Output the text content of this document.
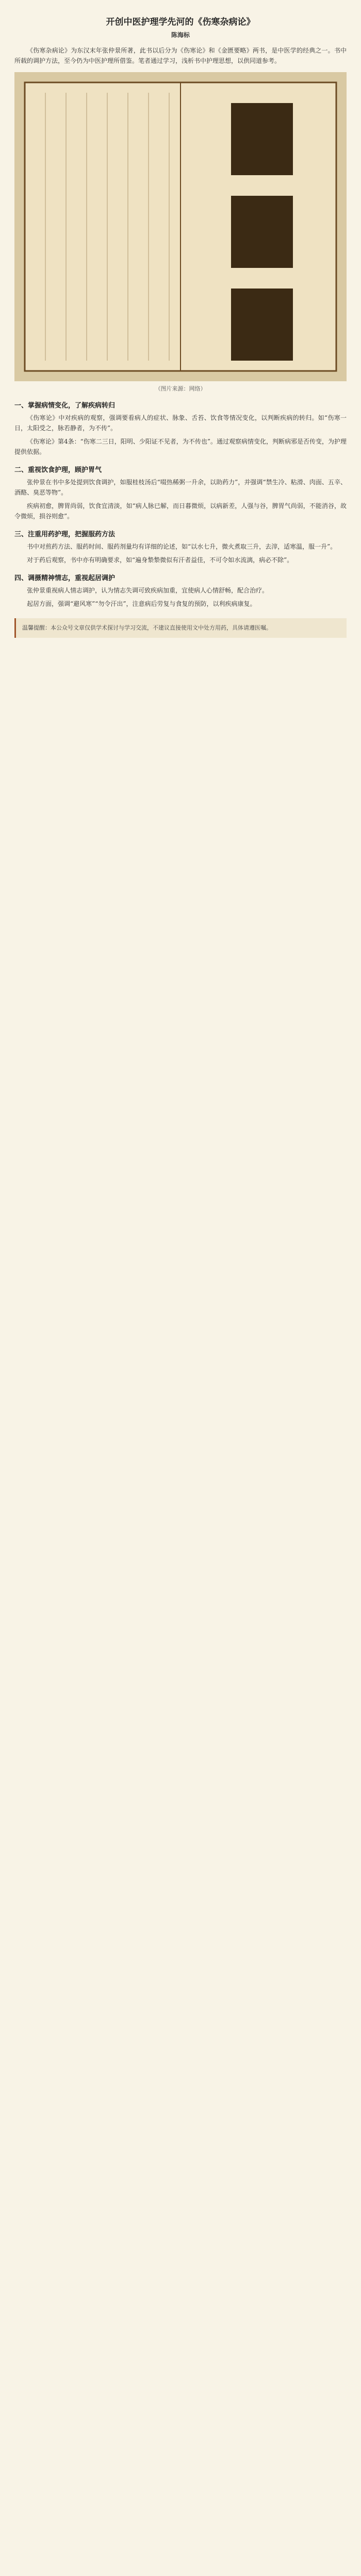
开创中医护理学先河的《伤寒杂病论》
陈海标
《伤寒杂病论》为东汉末年张仲景所著，此书以后分为《伤寒论》和《金匮要略》两书，是中医学的经典之一。书中所载的调护方法，至今仍为中医护理所借鉴。笔者通过学习，浅析书中护理思想，以供同道参考。
（图片来源：网络）
一、掌握病情变化，了解疾病转归
《伤寒论》中对疾病的观察，强调要看病人的症状、脉象、舌苔、饮食等情况变化，以判断疾病的转归。如“伤寒一日，太阳受之，脉若静者，为不传”。
《伤寒论》第4条：“伤寒二三日，阳明、少阳证不见者，为不传也”。通过观察病情变化，判断病邪是否传变，为护理提供依据。
二、重视饮食护理，顾护胃气
张仲景在书中多处提到饮食调护，如服桂枝汤后“啜热稀粥一升余，以助药力”，并强调“禁生冷、粘滑、肉面、五辛、酒酪、臭恶等物”。
疾病初愈，脾胃尚弱，饮食宜清淡，如“病人脉已解，而日暮微烦，以病新差，人强与谷，脾胃气尚弱，不能消谷，故令微烦，损谷则愈”。
三、注重用药护理，把握服药方法
书中对煎药方法、服药时间、服药剂量均有详细的论述，如“以水七升，微火煮取三升，去滓，适寒温，服一升”。
对于药后观察，书中亦有明确要求，如“遍身漐漐微似有汗者益佳，不可令如水流漓，病必不除”。
四、调摄精神情志，重视起居调护
张仲景重视病人情志调护，认为情志失调可致疾病加重，宜使病人心情舒畅，配合治疗。
起居方面，强调“避风寒”“勿令汗出”，注意病后劳复与食复的预防，以利疾病康复。
温馨提醒：本公众号文章仅供学术探讨与学习交流，不建议直接使用文中处方用药，具体请遵医嘱。
